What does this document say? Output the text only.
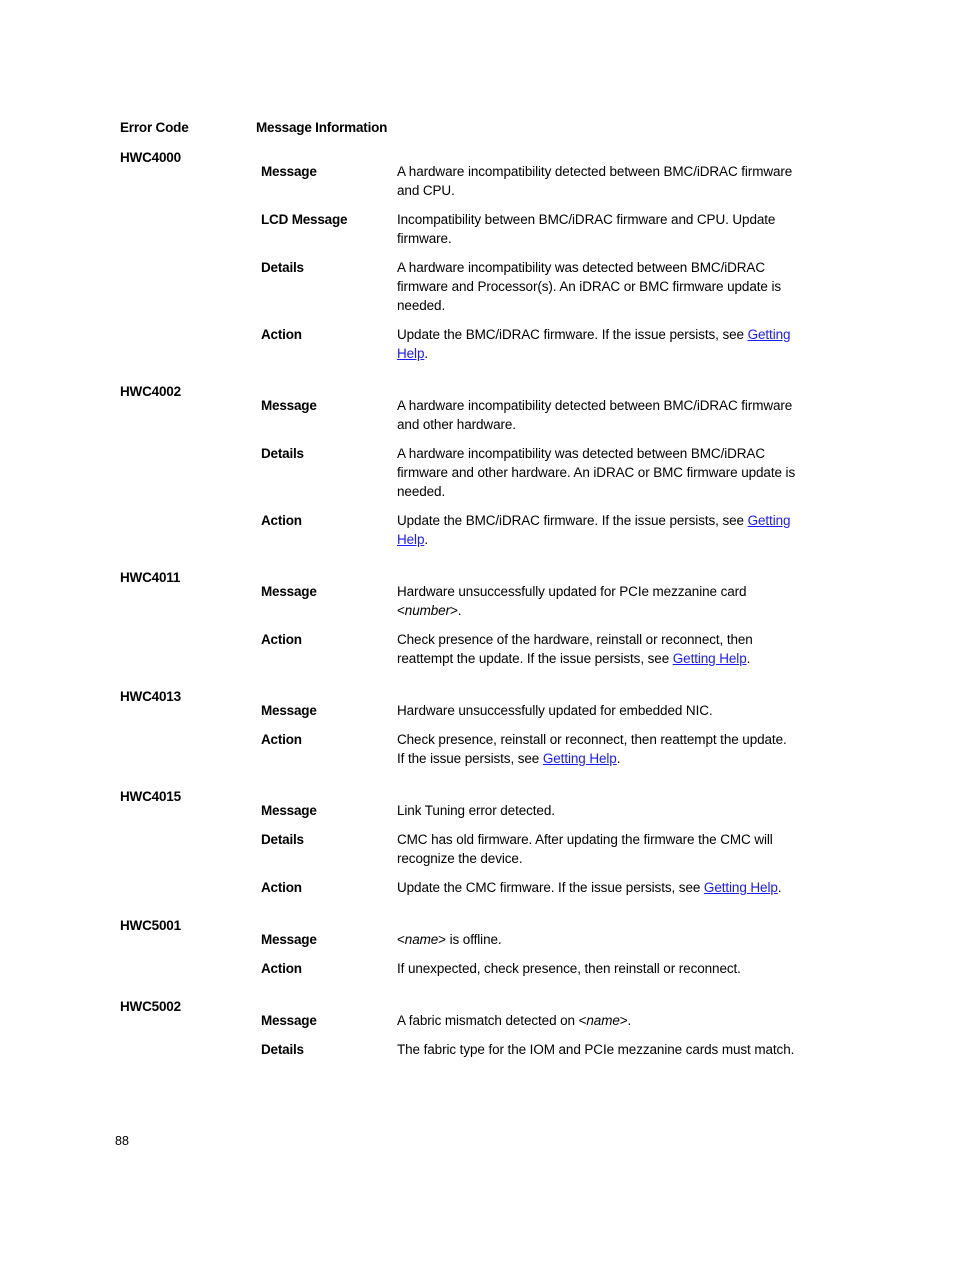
Error Code	Message Information
HWC4000
Message	A hardware incompatibility detected between BMC/iDRAC firmware and CPU.
LCD Message	Incompatibility between BMC/iDRAC firmware and CPU. Update firmware.
Details	A hardware incompatibility was detected between BMC/iDRAC firmware and Processor(s). An iDRAC or BMC firmware update is needed.
Action	Update the BMC/iDRAC firmware. If the issue persists, see Getting Help.
HWC4002
Message	A hardware incompatibility detected between BMC/iDRAC firmware and other hardware.
Details	A hardware incompatibility was detected between BMC/iDRAC firmware and other hardware. An iDRAC or BMC firmware update is needed.
Action	Update the BMC/iDRAC firmware. If the issue persists, see Getting Help.
HWC4011
Message	Hardware unsuccessfully updated for PCIe mezzanine card <number>.
Action	Check presence of the hardware, reinstall or reconnect, then reattempt the update. If the issue persists, see Getting Help.
HWC4013
Message	Hardware unsuccessfully updated for embedded NIC.
Action	Check presence, reinstall or reconnect, then reattempt the update. If the issue persists, see Getting Help.
HWC4015
Message	Link Tuning error detected.
Details	CMC has old firmware. After updating the firmware the CMC will recognize the device.
Action	Update the CMC firmware. If the issue persists, see Getting Help.
HWC5001
Message	<name> is offline.
Action	If unexpected, check presence, then reinstall or reconnect.
HWC5002
Message	A fabric mismatch detected on <name>.
Details	The fabric type for the IOM and PCIe mezzanine cards must match.
88
